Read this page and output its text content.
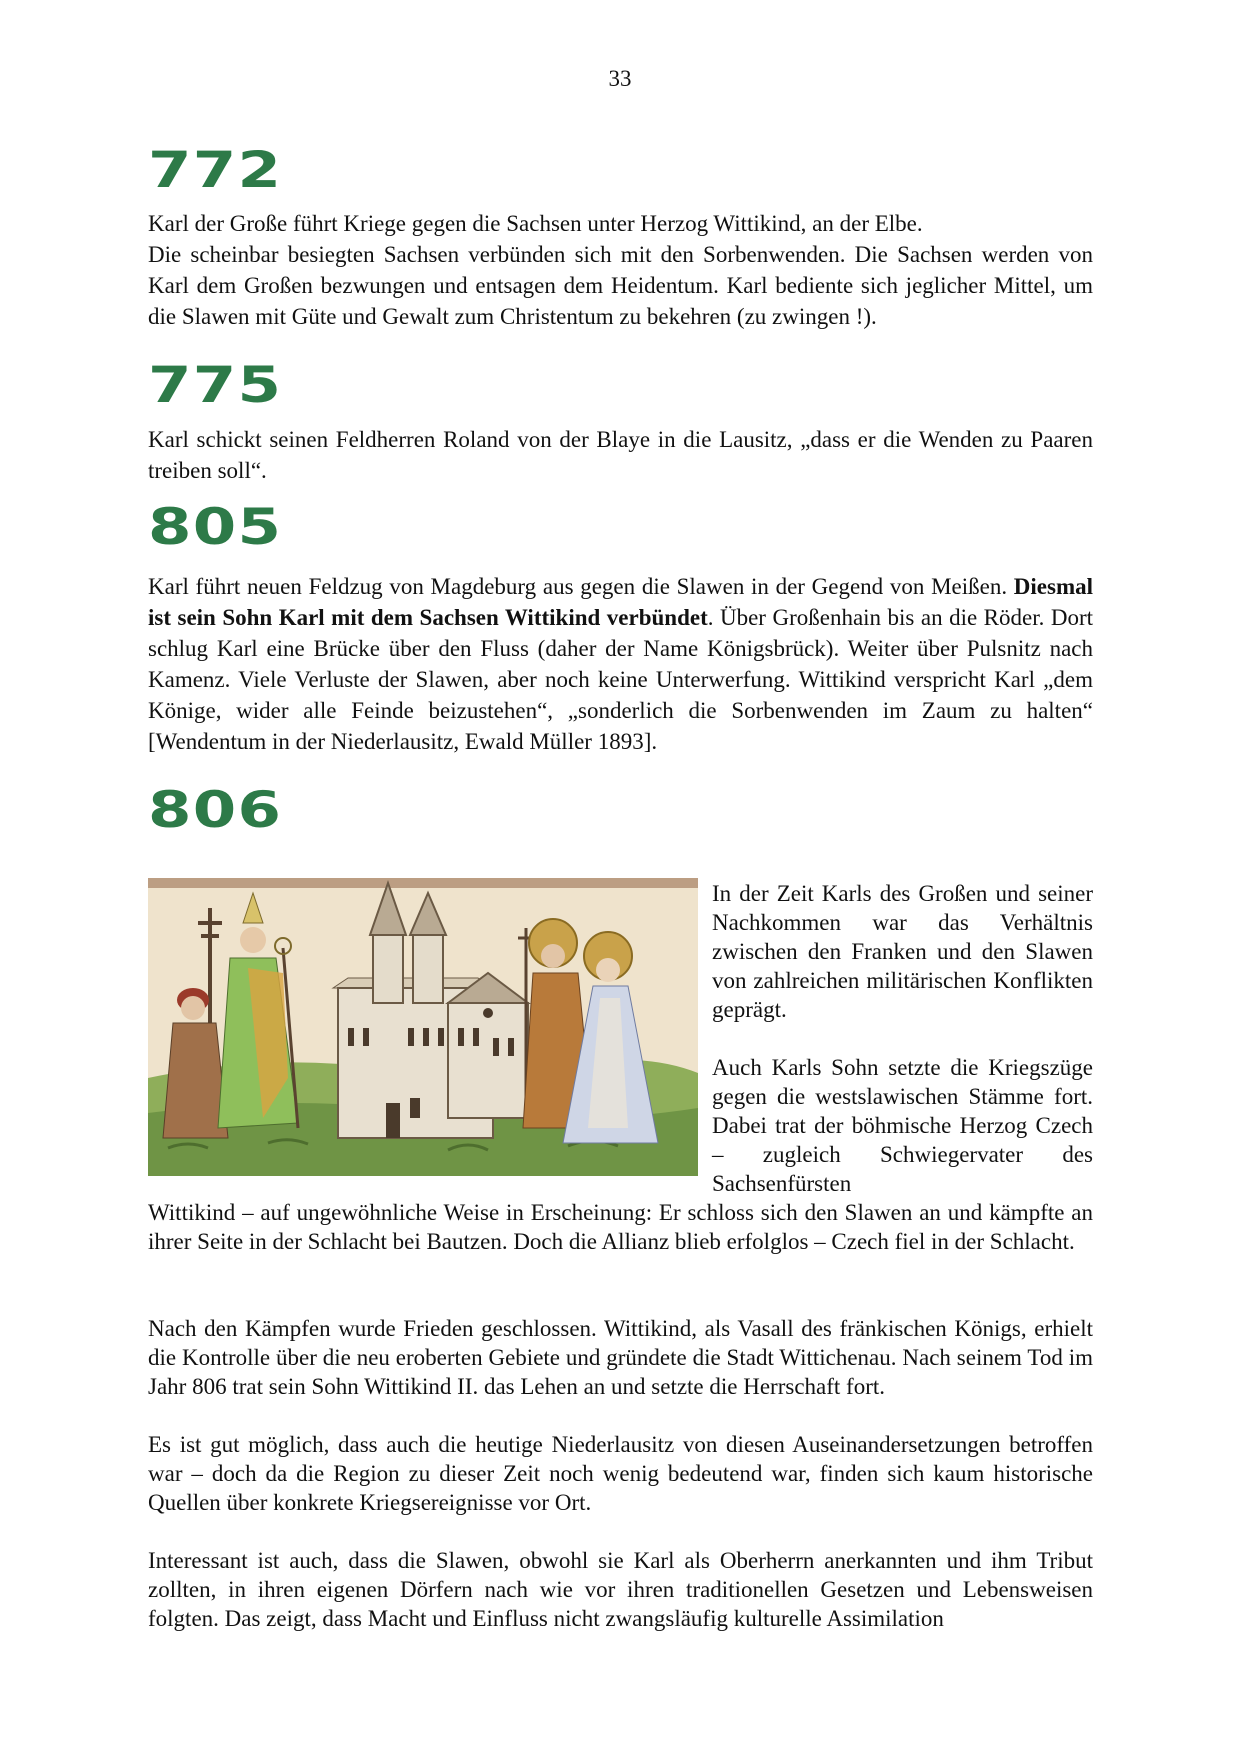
33
772

Karl der Große führt Kriege gegen die Sachsen unter Herzog Wittikind, an der Elbe.

Die scheinbar besiegten Sachsen verbünden sich mit den Sorbenwenden. Die Sachsen werden von Karl dem Großen bezwungen und entsagen dem Heidentum. Karl bediente sich jeglicher Mittel, um die Slawen mit Güte und Gewalt zum Christentum zu bekehren (zu zwingen !).

775

Karl schickt seinen Feldherren Roland von der Blaye in die Lausitz, „dass er die Wenden zu Paaren treiben soll“.

805

Karl führt neuen Feldzug von Magdeburg aus gegen die Slawen in der Gegend von Meißen. Diesmal ist sein Sohn Karl mit dem Sachsen Wittikind verbündet. Über Großenhain bis an die Röder. Dort schlug Karl eine Brücke über den Fluss (daher der Name Königsbrück). Weiter über Pulsnitz nach Kamenz. Viele Verluste der Slawen, aber noch keine Unterwerfung. Wittikind verspricht Karl „dem Könige, wider alle Feinde beizustehen“, „sonderlich die Sorbenwenden im Zaum zu halten“ [Wendentum in der Niederlausitz, Ewald Müller 1893].

806

In der Zeit Karls des Großen und seiner Nachkommen war das Verhältnis zwischen den Franken und den Slawen von zahlreichen militärischen Konflikten geprägt.

Auch Karls Sohn setzte die Kriegszüge gegen die westslawischen Stämme fort. Dabei trat der böhmische Herzog Czech – zugleich Schwiegervater des Sachsenfürsten

Wittikind – auf ungewöhnliche Weise in Erscheinung: Er schloss sich den Slawen an und kämpfte an ihrer Seite in der Schlacht bei Bautzen. Doch die Allianz blieb erfolglos – Czech fiel in der Schlacht.

Nach den Kämpfen wurde Frieden geschlossen. Wittikind, als Vasall des fränkischen Königs, erhielt die Kontrolle über die neu eroberten Gebiete und gründete die Stadt Wittichenau. Nach seinem Tod im Jahr 806 trat sein Sohn Wittikind II. das Lehen an und setzte die Herrschaft fort.

Es ist gut möglich, dass auch die heutige Niederlausitz von diesen Auseinandersetzungen betroffen war – doch da die Region zu dieser Zeit noch wenig bedeutend war, finden sich kaum historische Quellen über konkrete Kriegsereignisse vor Ort.

Interessant ist auch, dass die Slawen, obwohl sie Karl als Oberherrn anerkannten und ihm Tribut zollten, in ihren eigenen Dörfern nach wie vor ihren traditionellen Gesetzen und Lebensweisen folgten. Das zeigt, dass Macht und Einfluss nicht zwangsläufig kulturelle Assimilation
